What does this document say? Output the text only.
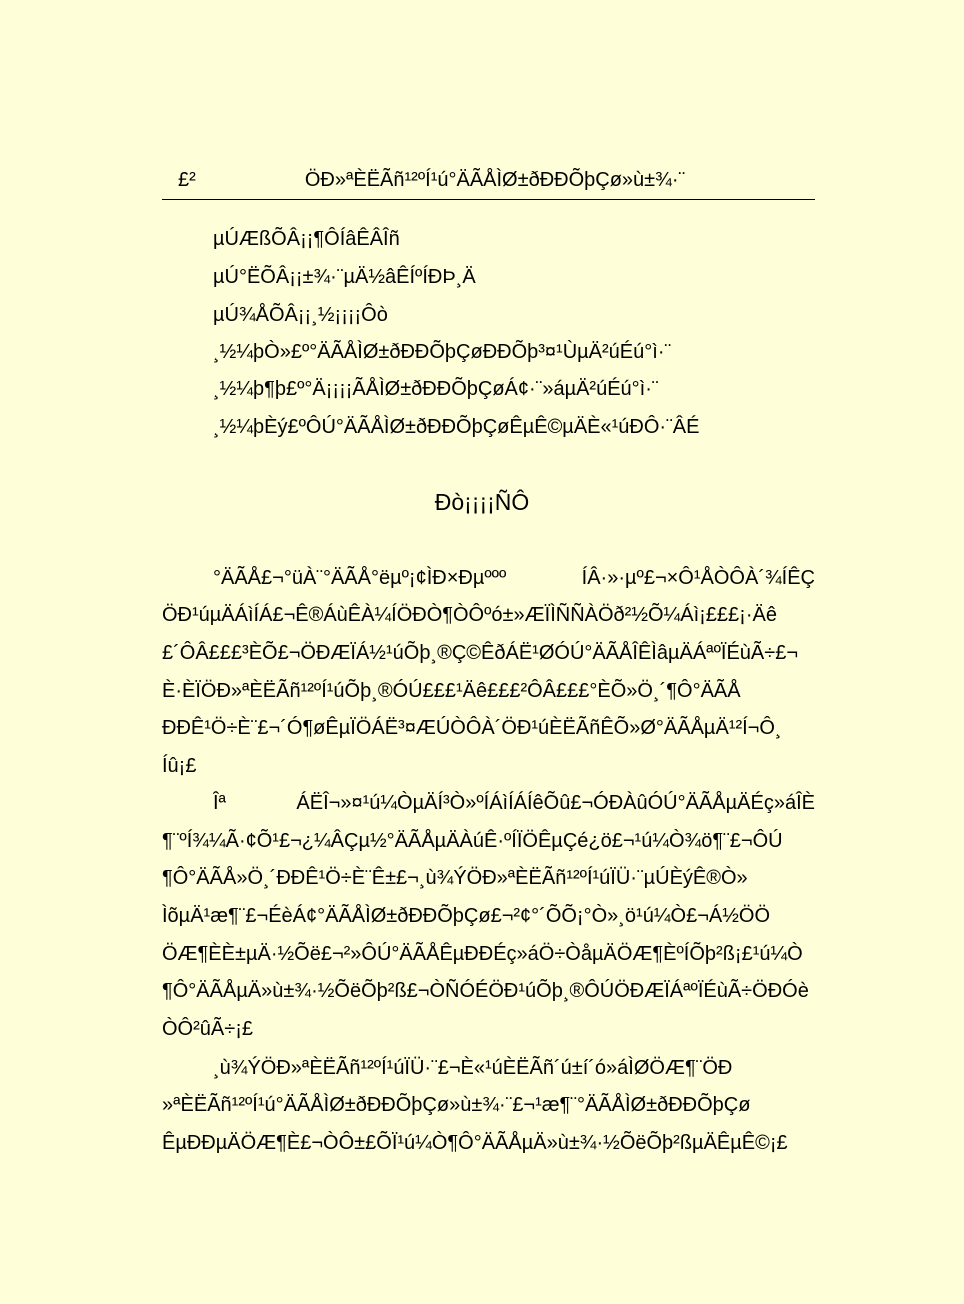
£²	ÖÐ»ªÈËÃñ¹²ºÍ¹ú°ÄÃÅÌØ±ðÐÐÕþÇø»ù±¾·¨
µÚÆßÕÂ¡¡¶ÔÍâÊÂÎñ
µÚ°ËÕÂ¡¡±¾·¨µÄ½âÊÍºÍÐÞ¸Ä
µÚ¾ÅÕÂ¡¡¸½¡¡¡¡Ôò
¸½¼þÒ»£º°ÄÃÅÌØ±ðÐÐÕþÇøÐÐÕþ³¤¹ÙµÄ²úÉú°ì·¨
¸½¼þ¶þ£º°Ä¡¡¡¡ÃÅÌØ±ðÐÐÕþÇøÁ¢·¨»áµÄ²úÉú°ì·¨
¸½¼þÈý£ºÔÚ°ÄÃÅÌØ±ðÐÐÕþÇøÊµÊ©µÄÈ«¹úÐÔ·¨ÂÉ
Ðò¡¡¡¡ÑÔ
°ÄÃÅ£¬°üÀ¨°ÄÃÅ°ëµº¡¢ÌÐ×Ðµººº ÍÂ·»·µº£¬×Ô¹ÅÒÔÀ´¾ÍÊÇ
ÖÐ¹úµÄÁìÍÁ£¬Ê®ÁùÊÀ¼ÍÖÐÒ¶ÒÔºó±»ÆÏÌÑÑÀÖð²½Õ¼Áì¡£££¡·Äê
£´ÔÂ£££³ÈÕ£¬ÖÐÆÏÁ½¹úÕþ¸®Ç©ÊðÁË¹ØÓÚ°ÄÃÅÎÊÌâµÄÁªºÏÉùÃ÷£¬
È·ÈÏÖÐ»ªÈËÃñ¹²ºÍ¹úÕþ¸®ÓÚ£££¹Äê£££²ÔÂ£££°ÈÕ»Ö¸´¶Ô°ÄÃÅ
ÐÐÊ¹Ö÷È¨£¬´Ó¶øÊµÏÖÁË³¤ÆÚÒÔÀ´ÖÐ¹úÈËÃñÊÕ»Ø°ÄÃÅµÄ¹²Í¬Ô¸
Íû¡£
Îª ÁËÎ¬»¤¹ú¼ÒµÄÍ³Ò»ºÍÁìÍÁÍêÕû£¬ÓÐÀûÓÚ°ÄÃÅµÄÉç»áÎÈ
¶¨ºÍ¾¼Ã·¢Õ¹£¬¿¼ÂÇµ½°ÄÃÅµÄÀúÊ·ºÍÏÖÊµÇé¿ö£¬¹ú¼Ò¾ö¶¨£¬ÔÚ
¶Ô°ÄÃÅ»Ö¸´ÐÐÊ¹Ö÷È¨Ê±£¬¸ù¾ÝÖÐ»ªÈËÃñ¹²ºÍ¹úÏÜ·¨µÚÈýÊ®Ò»
ÌõµÄ¹æ¶¨£¬ÉèÁ¢°ÄÃÅÌØ±ðÐÐÕþÇø£¬²¢°´ÕÕ¡°Ò»¸ö¹ú¼Ò£¬Á½ÖÖ
ÖÆ¶ÈÈ±µÄ·½Õë£¬²»ÔÚ°ÄÃÅÊµÐÐÉç»áÖ÷ÒåµÄÖÆ¶ÈºÍÕþ²ß¡£¹ú¼Ò
¶Ô°ÄÃÅµÄ»ù±¾·½ÕëÕþ²ß£¬ÒÑÓÉÖÐ¹úÕþ¸®ÔÚÖÐÆÏÁªºÏÉùÃ÷ÖÐÓè
ÒÔ²ûÃ÷¡£
¸ù¾ÝÖÐ»ªÈËÃñ¹²ºÍ¹úÏÜ·¨£¬È«¹úÈËÃñ´ú±í´ó»áÌØÖÆ¶¨ÖÐ
»ªÈËÃñ¹²ºÍ¹ú°ÄÃÅÌØ±ðÐÐÕþÇø»ù±¾·¨£¬¹æ¶¨°ÄÃÅÌØ±ðÐÐÕþÇø
ÊµÐÐµÄÖÆ¶È£¬ÒÔ±£ÕÏ¹ú¼Ò¶Ô°ÄÃÅµÄ»ù±¾·½ÕëÕþ²ßµÄÊµÊ©¡£
